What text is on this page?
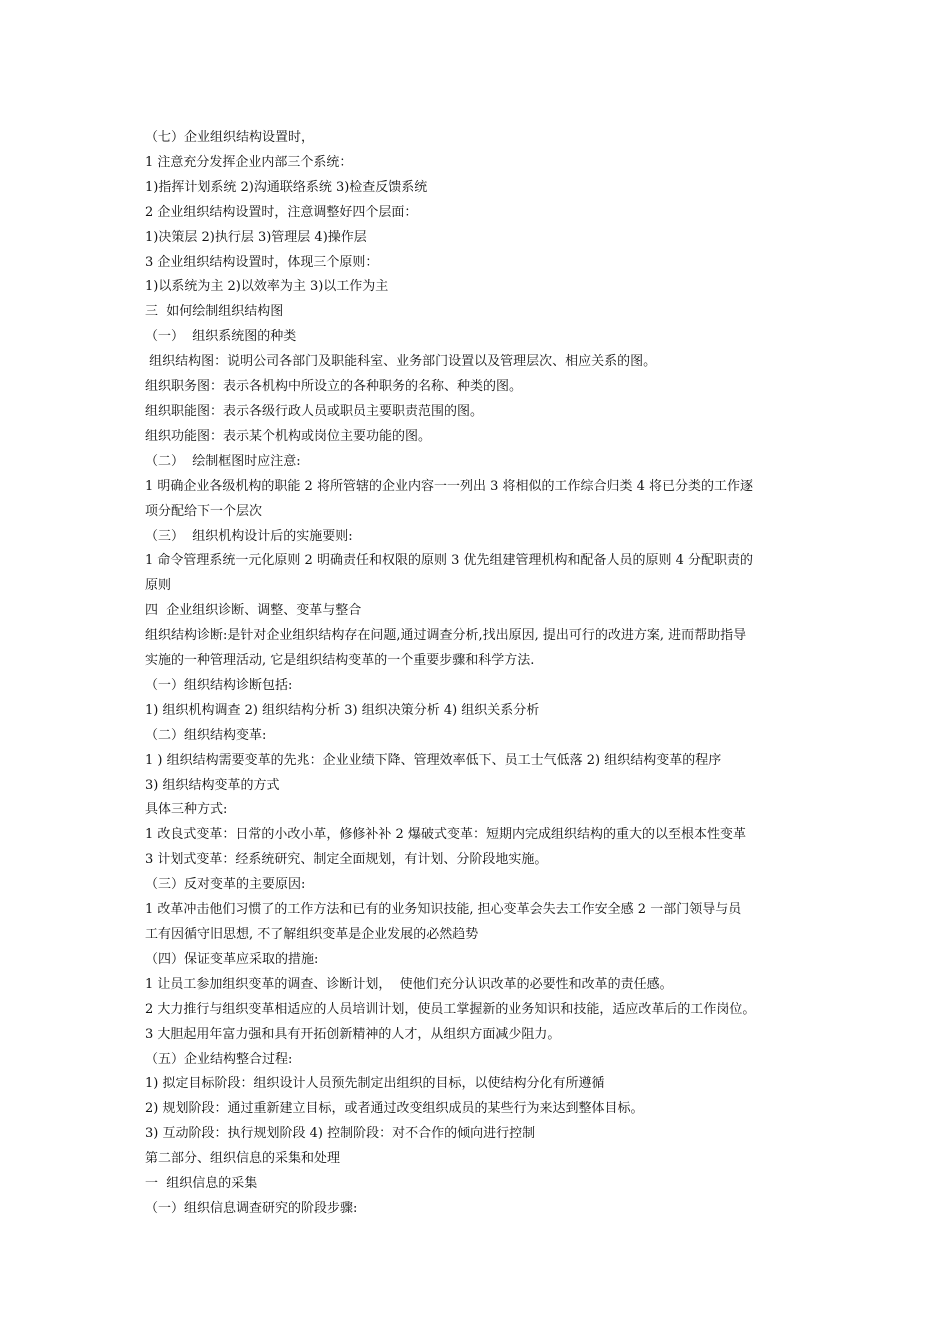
（七）企业组织结构设置时，

1 注意充分发挥企业内部三个系统：

1)指挥计划系统 2)沟通联络系统 3)检查反馈系统

2 企业组织结构设置时，注意调整好四个层面：

1)决策层 2)执行层 3)管理层 4)操作层

3 企业组织结构设置时，体现三个原则：

1)以系统为主 2)以效率为主 3)以工作为主

三  如何绘制组织结构图

（一）  组织系统图的种类

组织结构图：说明公司各部门及职能科室、业务部门设置以及管理层次、相应关系的图。

组织职务图：表示各机构中所设立的各种职务的名称、种类的图。

组织职能图：表示各级行政人员或职员主要职责范围的图。

组织功能图：表示某个机构或岗位主要功能的图。

（二）  绘制框图时应注意:

1 明确企业各级机构的职能 2 将所管辖的企业内容一一列出 3 将相似的工作综合归类 4 将已分类的工作逐

项分配给下一个层次

（三）  组织机构设计后的实施要则:

1 命令管理系统一元化原则 2 明确责任和权限的原则 3 优先组建管理机构和配备人员的原则 4 分配职责的

原则

四  企业组织诊断、调整、变革与整合

组织结构诊断:是针对企业组织结构存在问题,通过调查分析,找出原因, 提出可行的改进方案, 进而帮助指导

实施的一种管理活动, 它是组织结构变革的一个重要步骤和科学方法.

（一）组织结构诊断包括:

1) 组织机构调查 2) 组织结构分析 3) 组织决策分析 4) 组织关系分析

（二）组织结构变革:

1 ) 组织结构需要变革的先兆：企业业绩下降、管理效率低下、员工士气低落 2) 组织结构变革的程序

3) 组织结构变革的方式

具体三种方式:

1 改良式变革：日常的小改小革，修修补补 2 爆破式变革：短期内完成组织结构的重大的以至根本性变革

3 计划式变革：经系统研究、制定全面规划，有计划、分阶段地实施。

（三）反对变革的主要原因:

1 改革冲击他们习惯了的工作方法和已有的业务知识技能, 担心变革会失去工作安全感 2 一部门领导与员

工有因循守旧思想, 不了解组织变革是企业发展的必然趋势

（四）保证变革应采取的措施:

1 让员工参加组织变革的调查、诊断计划，  使他们充分认识改革的必要性和改革的责任感。

2 大力推行与组织变革相适应的人员培训计划，使员工掌握新的业务知识和技能，适应改革后的工作岗位。

3 大胆起用年富力强和具有开拓创新精神的人才，从组织方面减少阻力。

（五）企业结构整合过程:

1) 拟定目标阶段：组织设计人员预先制定出组织的目标，以使结构分化有所遵循

2) 规划阶段：通过重新建立目标，或者通过改变组织成员的某些行为来达到整体目标。

3) 互动阶段：执行规划阶段 4) 控制阶段：对不合作的倾向进行控制

第二部分、组织信息的采集和处理

一  组织信息的采集

（一）组织信息调查研究的阶段步骤:
